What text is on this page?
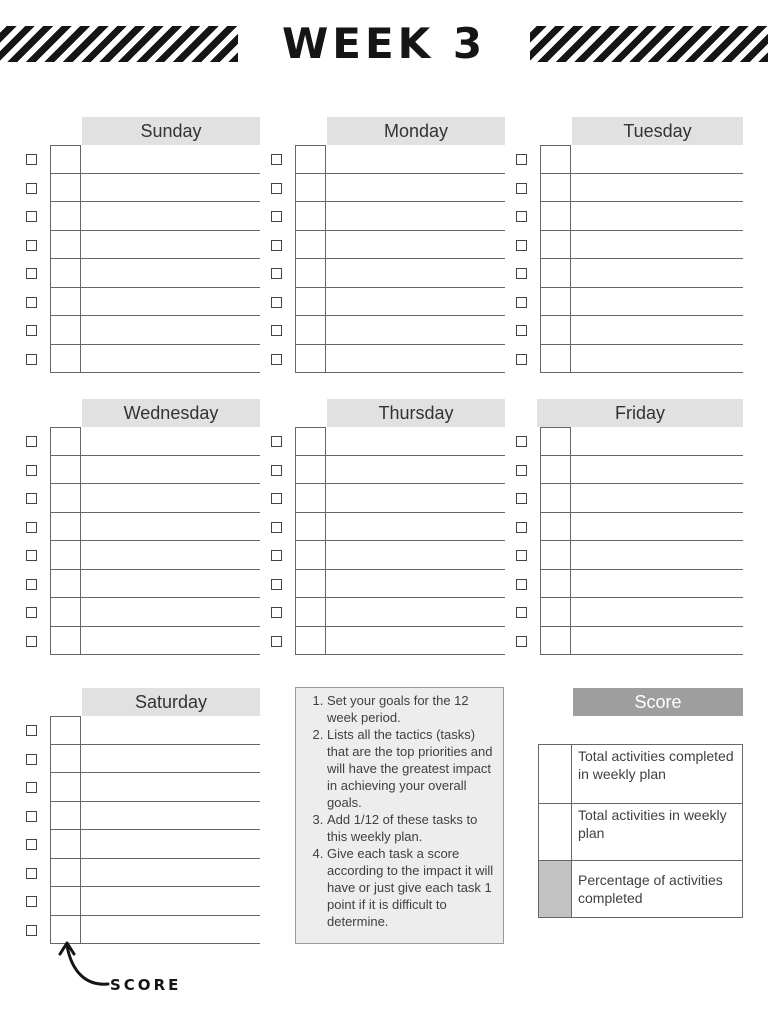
WEEK 3
Sunday	Monday	Tuesday
Wednesday	Thursday	Friday
Saturday
1.	Set your goals for the 12 week period.
2. Lists all the tactics (tasks) that are the top priorities and will have the greatest impact in achieving your overall goals.
3. Add 1/12 of these tasks to this weekly plan.
4. Give each task a score according to the impact it will have or just give each task 1 point if it is difficult to determine.
Score
Total activities completed in weekly plan
Total activities in weekly plan
Percentage of activities completed
SCORE
